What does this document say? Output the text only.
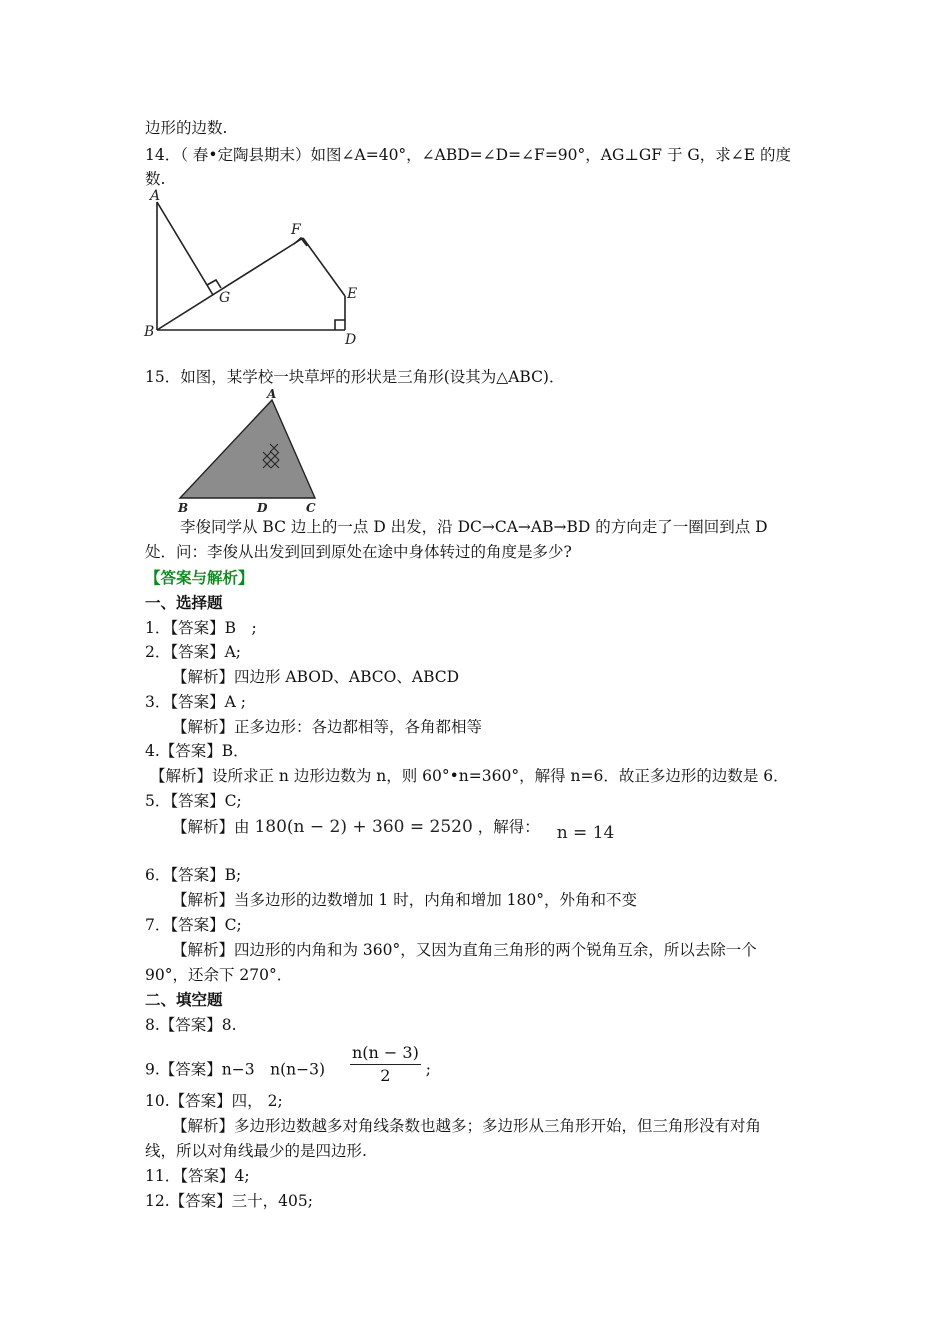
边形的边数.
14．（ 春•定陶县期末）如图∠A=40°，∠ABD=∠D=∠F=90°，AG⊥GF 于 G，求∠E 的度
数.
A
B
G
F
E
D
15．如图，某学校一块草坪的形状是三角形(设其为△ABC)．
A
B	D	C
李俊同学从 BC 边上的一点 D 出发，沿 DC→CA→AB→BD 的方向走了一圈回到点 D
处．问：李俊从出发到回到原处在途中身体转过的角度是多少?
【答案与解析】
一、选择题
1．【答案】B　;
2．【答案】A;
【解析】四边形 ABOD、ABCO、ABCD
3．【答案】A ;
【解析】正多边形：各边都相等，各角都相等
4.【答案】B．
【解析】设所求正 n 边形边数为 n，则 60°•n=360°，解得 n=6．故正多边形的边数是 6．
5．【答案】C;
【解析】由 180(n − 2) + 360 = 2520 ，解得： n = 14
6．【答案】B;
【解析】当多边形的边数增加 1 时，内角和增加 180°，外角和不变
7．【答案】C;
【解析】四边形的内角和为 360°，又因为直角三角形的两个锐角互余，所以去除一个
90°，还余下 270°．
二、填空题
8.【答案】8.
9.【答案】n−3　$n(n-3) \frac{n(n - 3)}{2}$ ;
10.【答案】四， 2;
【解析】多边形边数越多对角线条数也越多；多边形从三角形开始，但三角形没有对角
线，所以对角线最少的是四边形.
11．【答案】4;
12.【答案】三十，405;
